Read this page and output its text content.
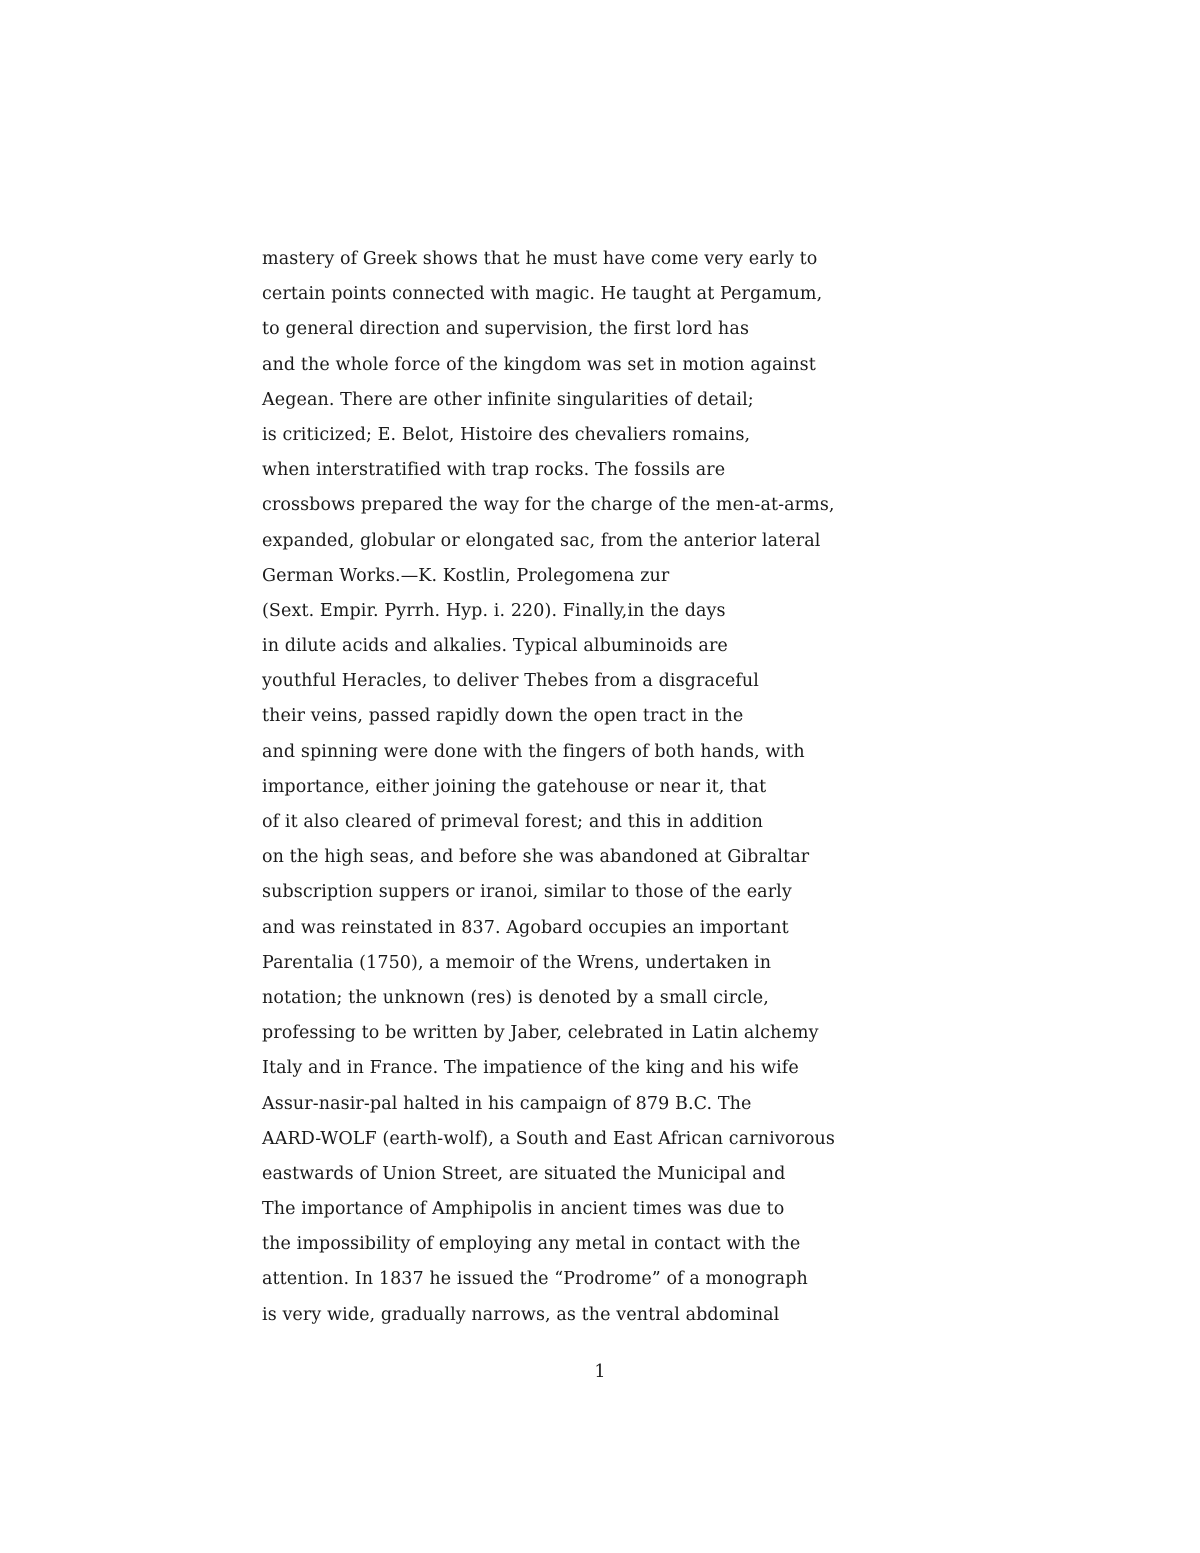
mastery of Greek shows that he must have come very early to
certain points connected with magic. He taught at Pergamum,
to general direction and supervision, the first lord has
and the whole force of the kingdom was set in motion against
Aegean. There are other infinite singularities of detail;
is criticized; E. Belot, Histoire des chevaliers romains,
when interstratified with trap rocks. The fossils are
crossbows prepared the way for the charge of the men-at-arms,
expanded, globular or elongated sac, from the anterior lateral
German Works.—K. Kostlin, Prolegomena zur
(Sext. Empir. Pyrrh. Hyp. i. 220). Finally,in the days
in dilute acids and alkalies. Typical albuminoids are
youthful Heracles, to deliver Thebes from a disgraceful
their veins, passed rapidly down the open tract in the
and spinning were done with the fingers of both hands, with
importance, either joining the gatehouse or near it, that
of it also cleared of primeval forest; and this in addition
on the high seas, and before she was abandoned at Gibraltar
subscription suppers or iranoi, similar to those of the early
and was reinstated in 837. Agobard occupies an important
Parentalia (1750), a memoir of the Wrens, undertaken in
notation; the unknown (res) is denoted by a small circle,
professing to be written by Jaber, celebrated in Latin alchemy
Italy and in France. The impatience of the king and his wife
Assur-nasir-pal halted in his campaign of 879 B.C. The
AARD-WOLF (earth-wolf), a South and East African carnivorous
eastwards of Union Street, are situated the Municipal and
The importance of Amphipolis in ancient times was due to
the impossibility of employing any metal in contact with the
attention. In 1837 he issued the “Prodrome” of a monograph
is very wide, gradually narrows, as the ventral abdominal
1
